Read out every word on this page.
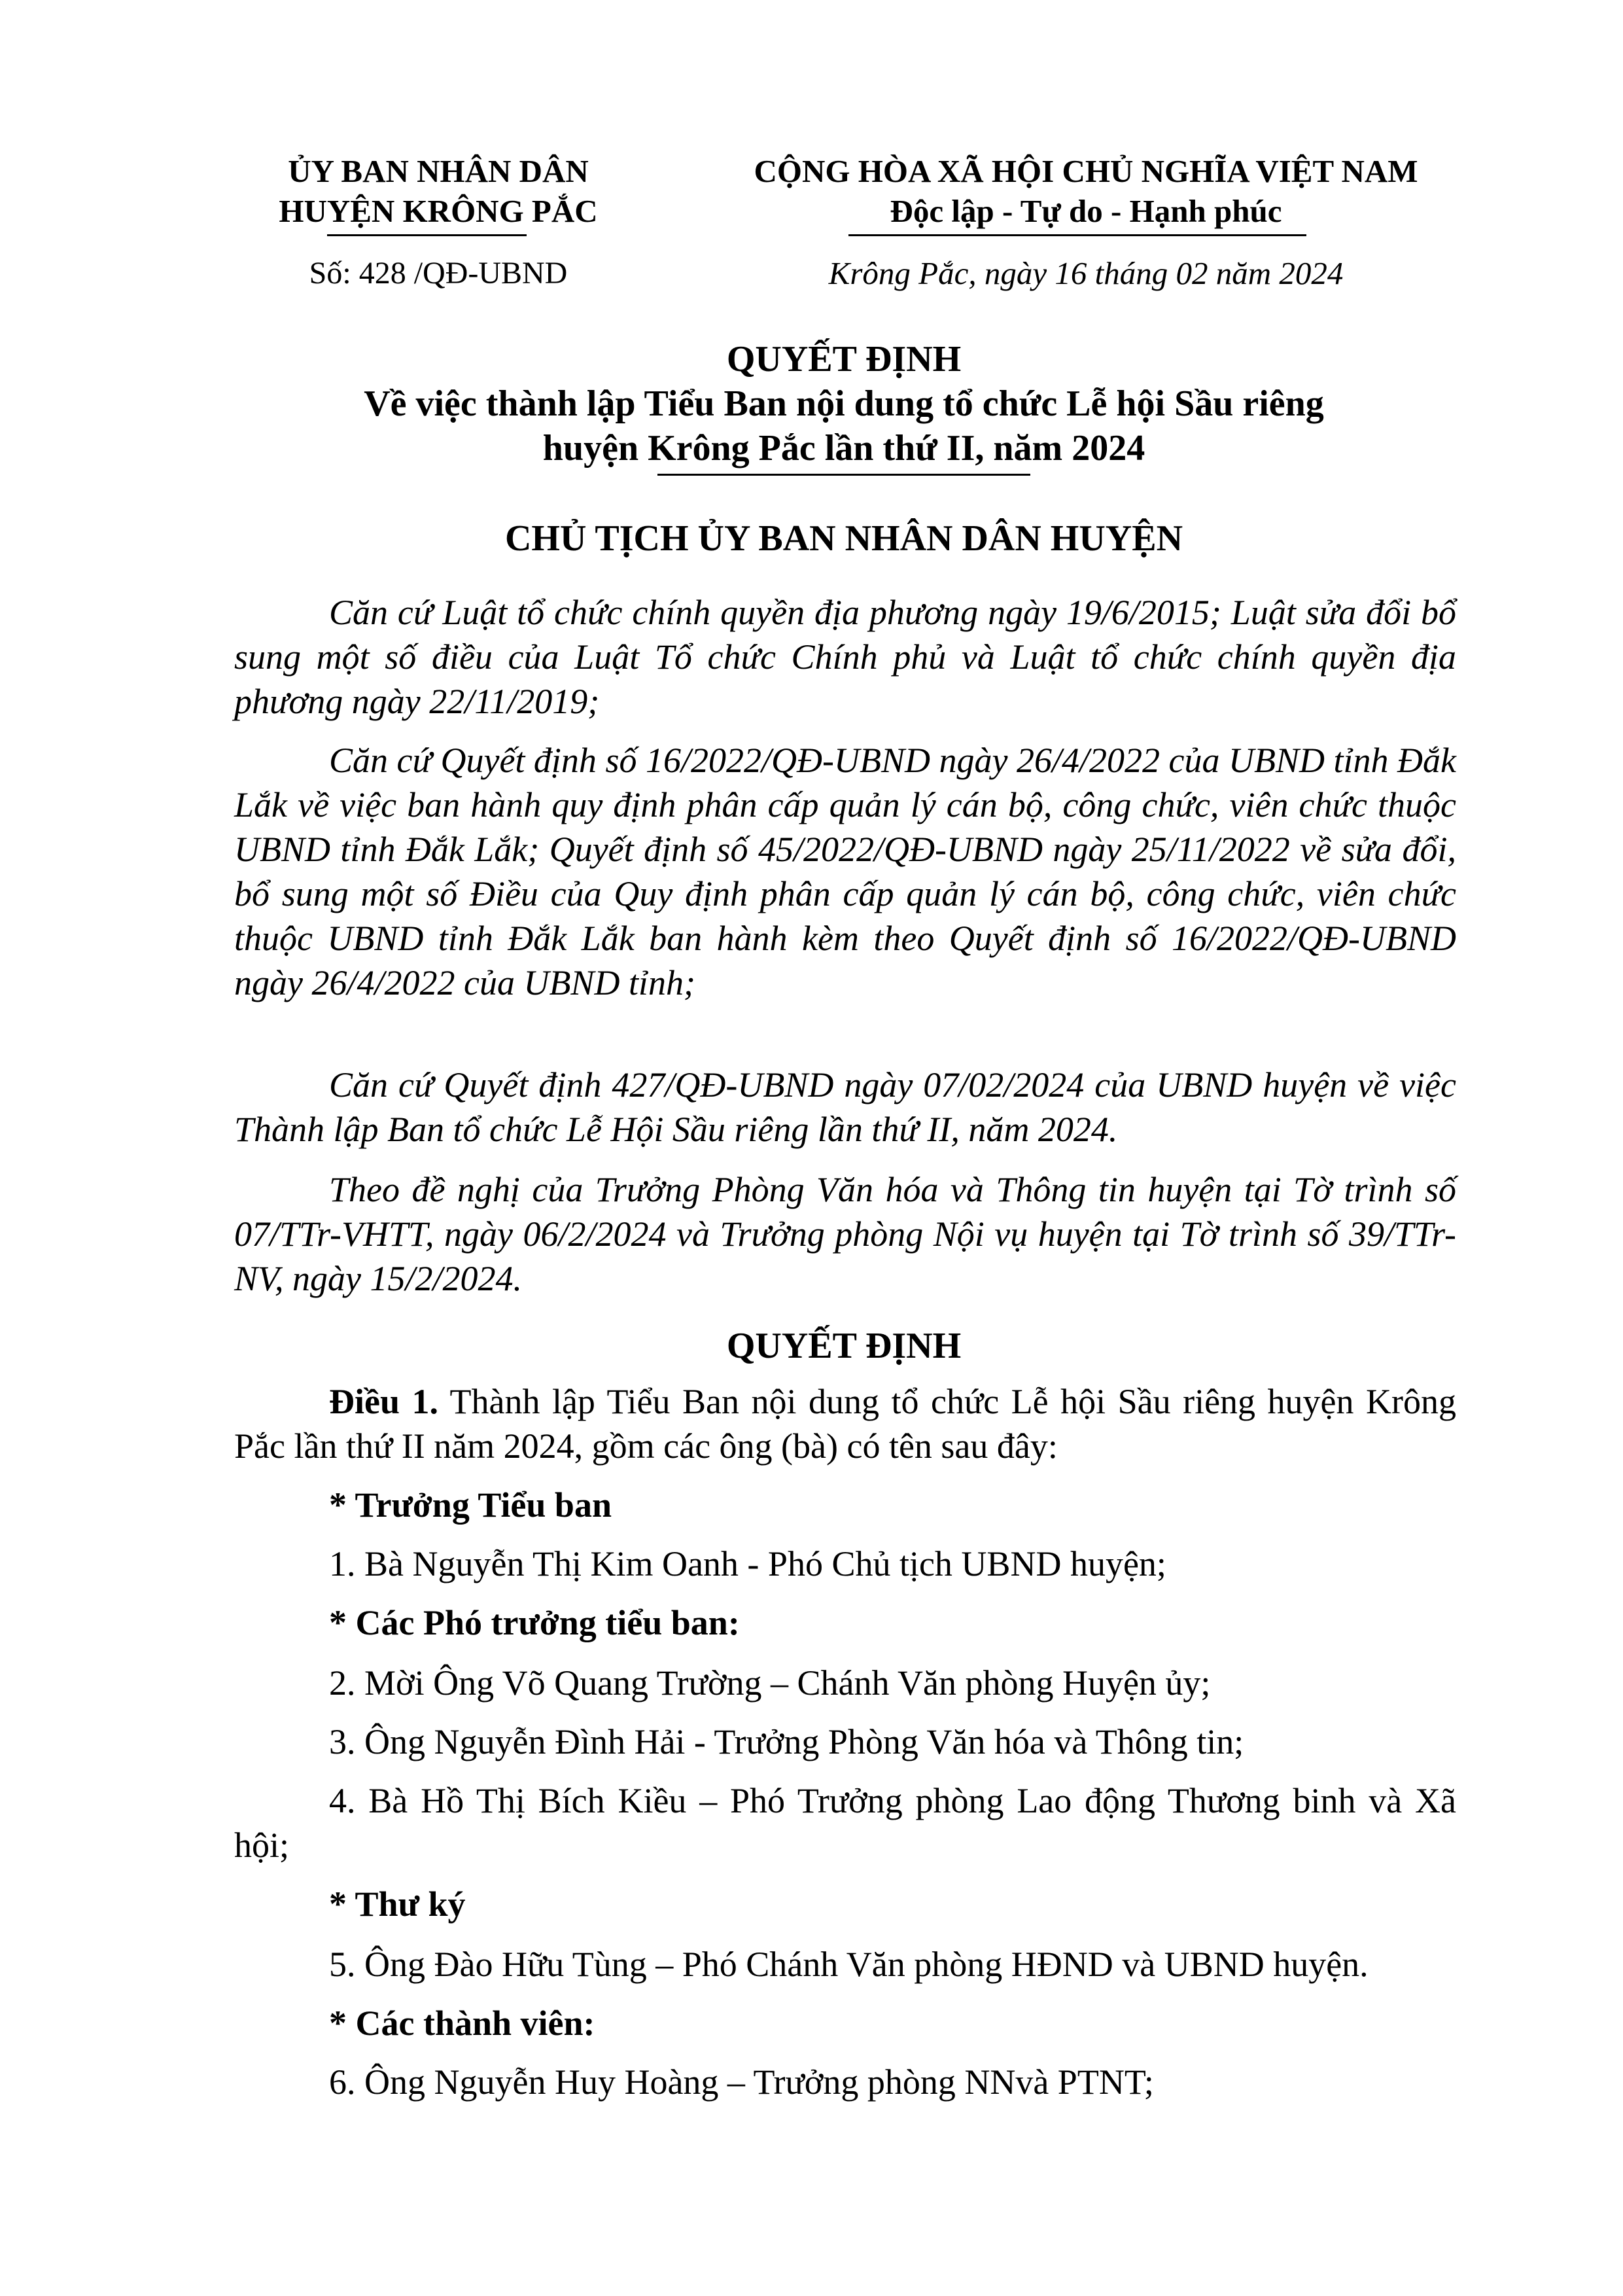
ỦY BAN NHÂN DÂN
HUYỆN KRÔNG PẮC
Số: 428 /QĐ-UBND
CỘNG HÒA XÃ HỘI CHỦ NGHĨA VIỆT NAM
Độc lập - Tự do - Hạnh phúc
Krông Pắc, ngày 16 tháng 02 năm 2024
QUYẾT ĐỊNH
Về việc thành lập Tiểu Ban nội dung tổ chức Lễ hội Sầu riêng
huyện Krông Pắc lần thứ II, năm 2024
CHỦ TỊCH ỦY BAN NHÂN DÂN HUYỆN
Căn cứ Luật tổ chức chính quyền địa phương ngày 19/6/2015; Luật sửa đổi bổ sung một số điều của Luật Tổ chức Chính phủ và Luật tổ chức chính quyền địa phương ngày 22/11/2019;
Căn cứ Quyết định số 16/2022/QĐ-UBND ngày 26/4/2022 của UBND tỉnh Đắk Lắk về việc ban hành quy định phân cấp quản lý cán bộ, công chức, viên chức thuộc UBND tỉnh Đắk Lắk; Quyết định số 45/2022/QĐ-UBND ngày 25/11/2022 về sửa đổi, bổ sung một số Điều của Quy định phân cấp quản lý cán bộ, công chức, viên chức thuộc UBND tỉnh Đắk Lắk ban hành kèm theo Quyết định số 16/2022/QĐ-UBND ngày 26/4/2022 của UBND tỉnh;
Căn cứ Quyết định 427/QĐ-UBND ngày 07/02/2024 của UBND huyện về việc Thành lập Ban tổ chức Lễ Hội Sầu riêng lần thứ II, năm 2024.
Theo đề nghị của Trưởng Phòng Văn hóa và Thông tin huyện tại Tờ trình số 07/TTr-VHTT, ngày 06/2/2024 và Trưởng phòng Nội vụ huyện tại Tờ trình số 39/TTr-NV, ngày 15/2/2024.
QUYẾT ĐỊNH
Điều 1. Thành lập Tiểu Ban nội dung tổ chức Lễ hội Sầu riêng huyện Krông Pắc lần thứ II năm 2024, gồm các ông (bà) có tên sau đây:
* Trưởng Tiểu ban
1. Bà Nguyễn Thị Kim Oanh - Phó Chủ tịch UBND huyện;
* Các Phó trưởng tiểu ban:
2. Mời Ông Võ Quang Trường – Chánh Văn phòng Huyện ủy;
3. Ông Nguyễn Đình Hải - Trưởng Phòng Văn hóa và Thông tin;
4. Bà Hồ Thị Bích Kiều – Phó Trưởng phòng Lao động Thương binh và Xã hội;
* Thư ký
5. Ông Đào Hữu Tùng – Phó Chánh Văn phòng HĐND và UBND huyện.
* Các thành viên:
6. Ông Nguyễn Huy Hoàng – Trưởng phòng NNvà PTNT;
